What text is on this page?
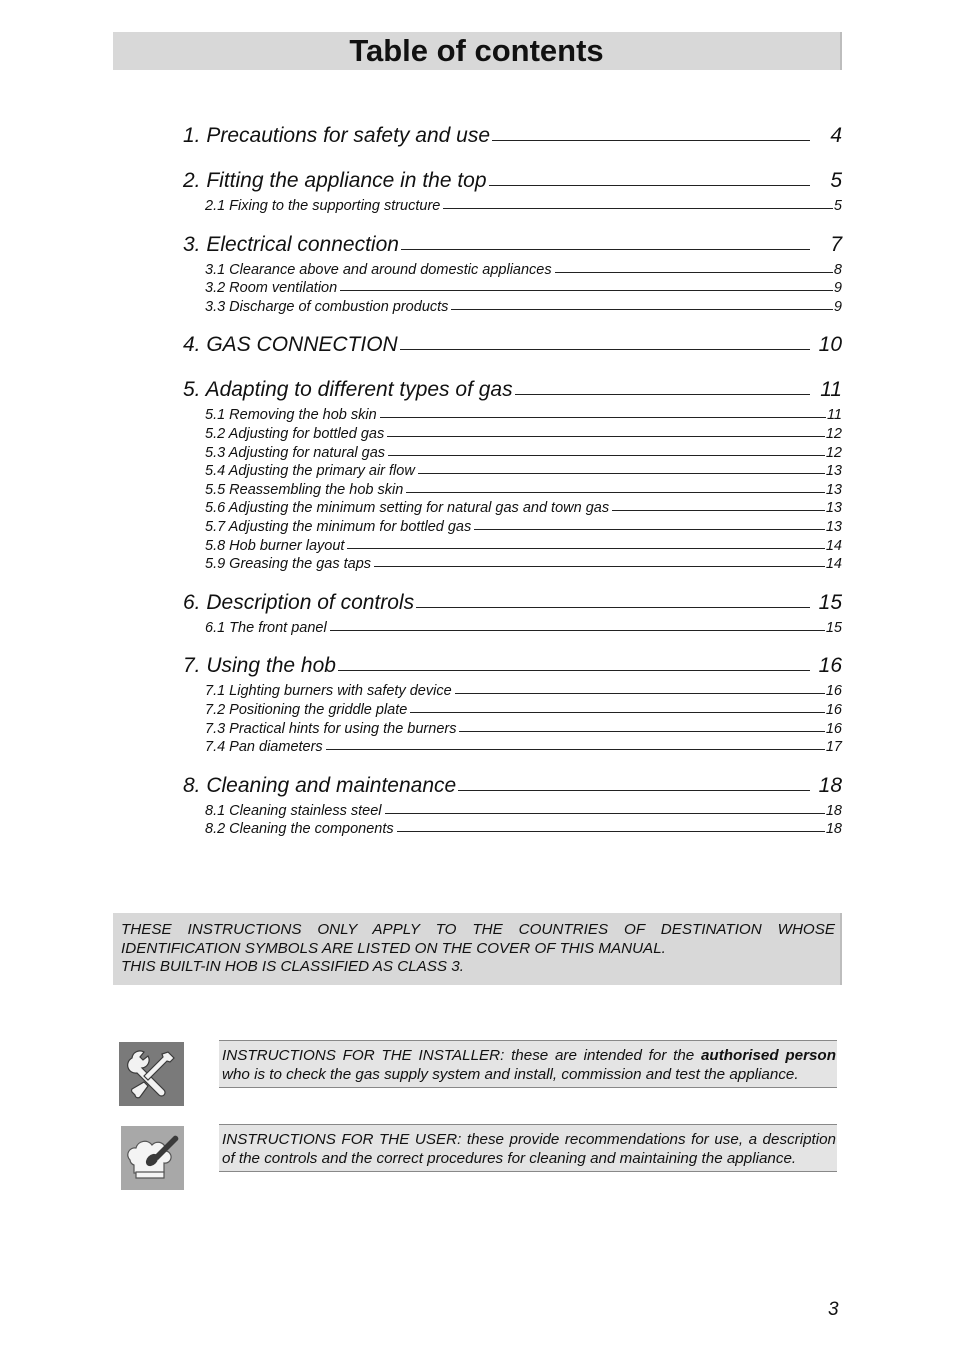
Table of contents
1. Precautions for safety and use	4
2. Fitting the appliance in the top	5
2.1 Fixing to the supporting structure	5
3. Electrical connection	7
3.1 Clearance above and around domestic appliances	8
3.2 Room ventilation	9
3.3 Discharge of combustion products	9
4. GAS CONNECTION	10
5. Adapting to different types of gas	11
5.1 Removing the hob skin	11
5.2 Adjusting for bottled gas	12
5.3 Adjusting for natural gas	12
5.4 Adjusting the primary air flow	13
5.5 Reassembling the hob skin	13
5.6 Adjusting the minimum setting for natural gas and town gas	13
5.7 Adjusting the minimum for bottled gas	13
5.8 Hob burner layout	14
5.9 Greasing the gas taps	14
6. Description of controls	15
6.1 The front panel	15
7. Using the hob	16
7.1 Lighting burners with safety device	16
7.2 Positioning the griddle plate	16
7.3 Practical hints for using the burners	16
7.4 Pan diameters	17
8. Cleaning and maintenance	18
8.1 Cleaning stainless steel	18
8.2 Cleaning the components	18

THESE INSTRUCTIONS ONLY APPLY TO THE COUNTRIES OF DESTINATION WHOSE
IDENTIFICATION SYMBOLS ARE LISTED ON THE COVER OF THIS MANUAL.
THIS BUILT-IN HOB IS CLASSIFIED AS CLASS 3.

INSTRUCTIONS FOR THE INSTALLER: these are intended for the authorised person who is to check the gas supply system and install, commission and test the appliance.

INSTRUCTIONS FOR THE USER: these provide recommendations for use, a description of the controls and the correct procedures for cleaning and maintaining the appliance.

3
